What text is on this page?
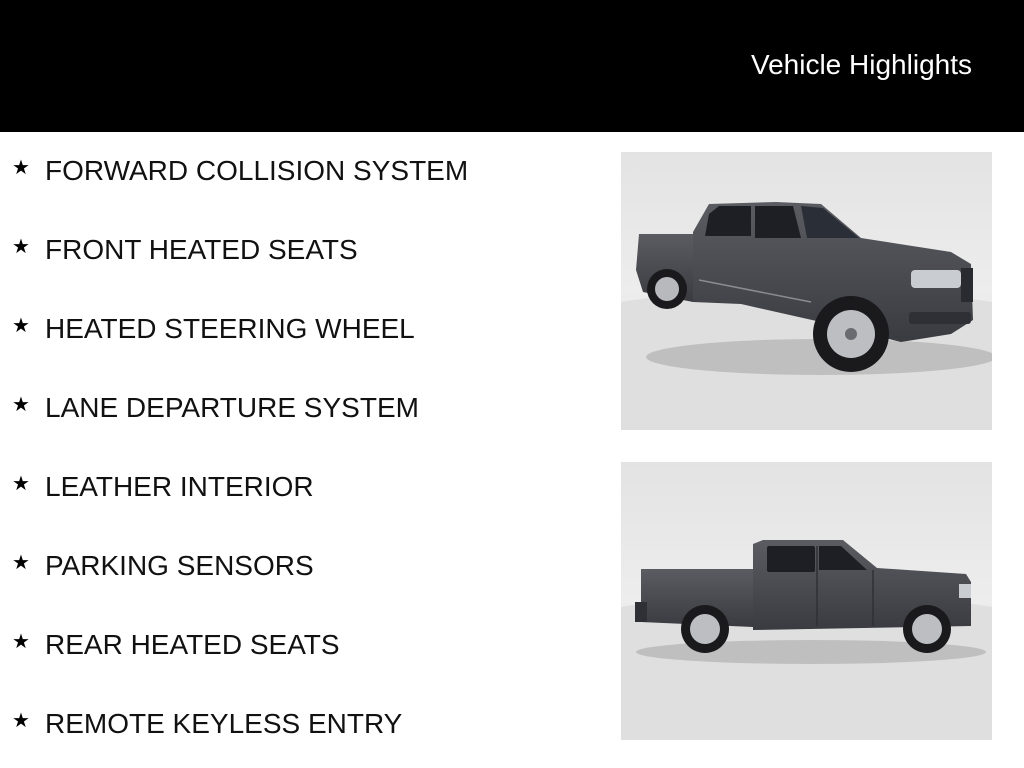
Vehicle Highlights
★ FORWARD COLLISION SYSTEM
★ FRONT HEATED SEATS
★ HEATED STEERING WHEEL
★ LANE DEPARTURE SYSTEM
★ LEATHER INTERIOR
★ PARKING SENSORS
★ REAR HEATED SEATS
★ REMOTE KEYLESS ENTRY
